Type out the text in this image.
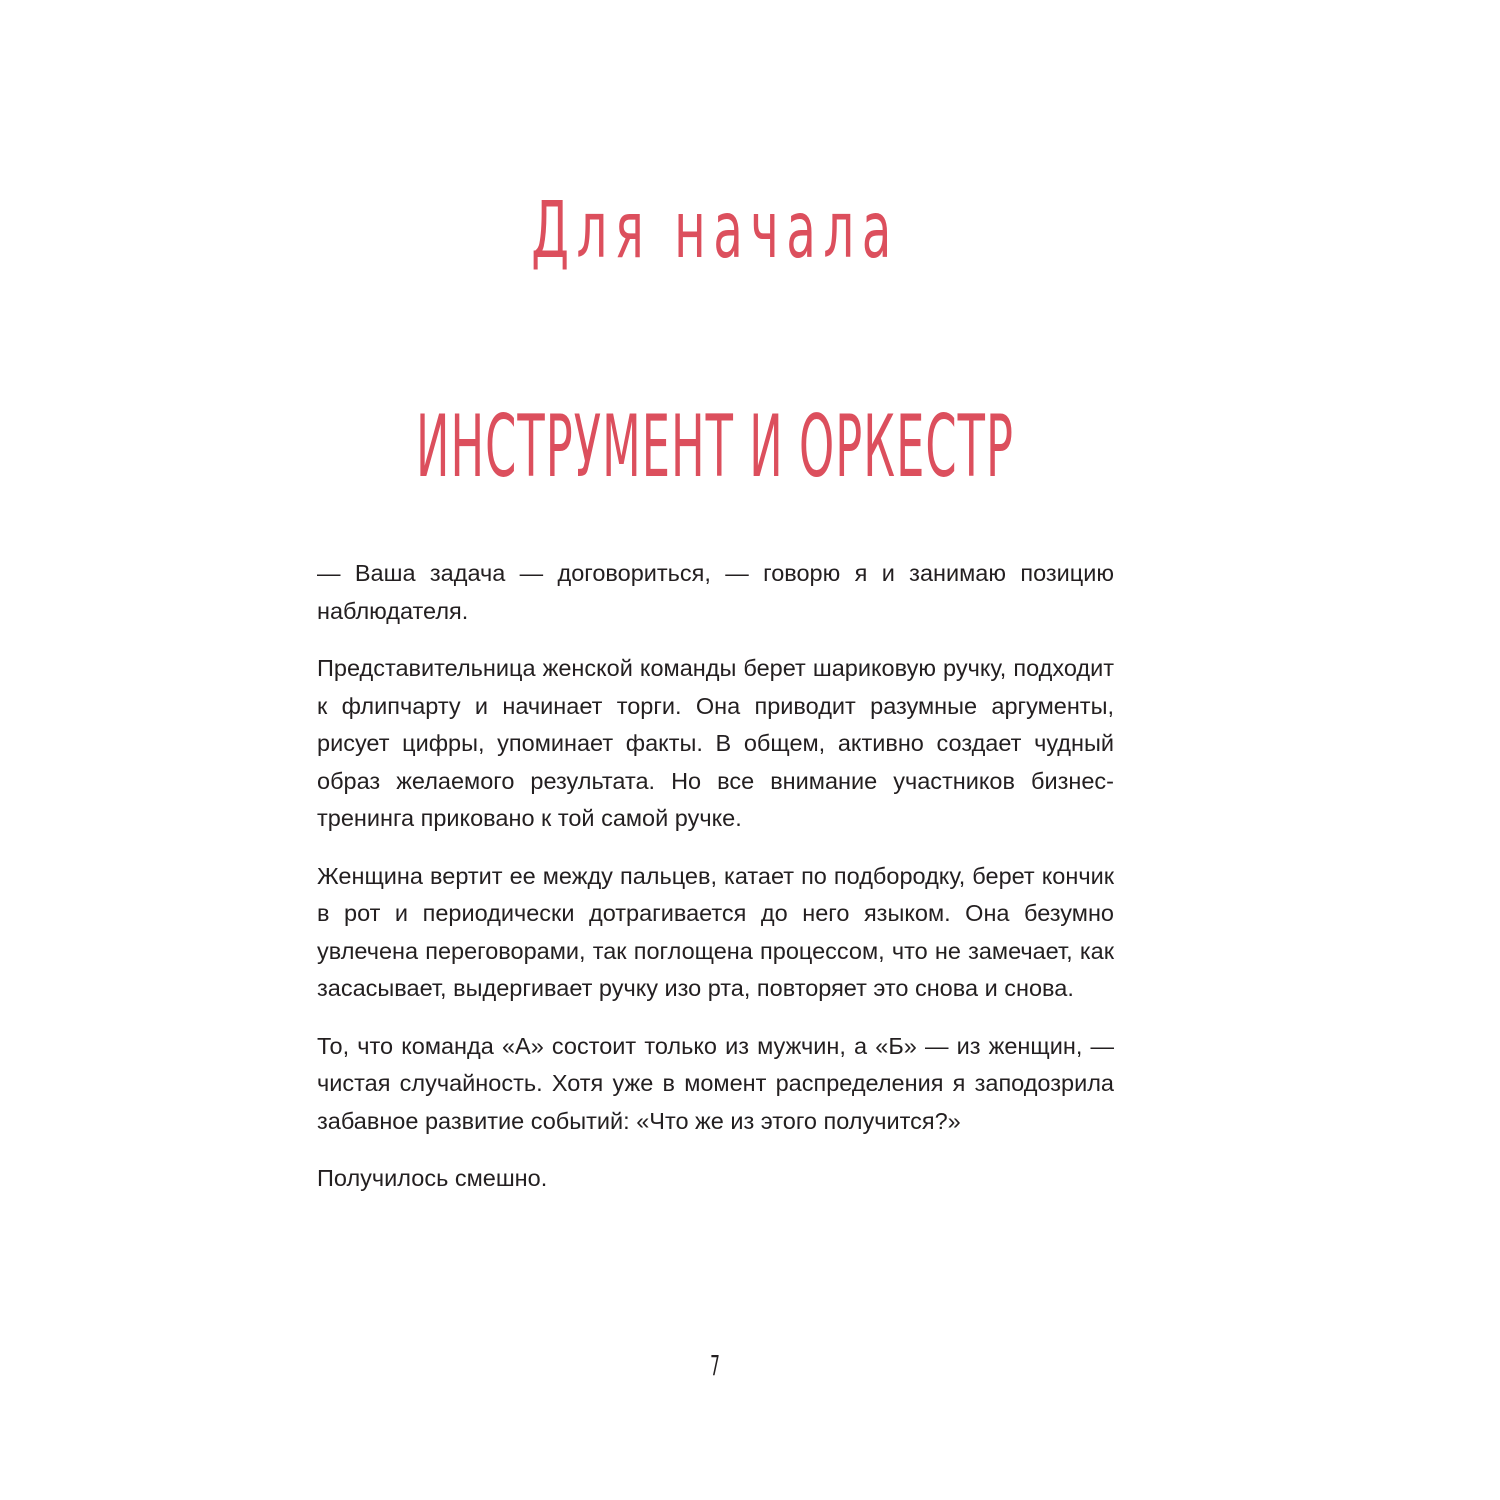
Для начала
ИНСТРУМЕНТ И ОРКЕСТР

— Ваша задача — договориться, — говорю я и занимаю позицию наблюдателя.

Представительница женской команды берет шариковую ручку, подходит к флипчарту и начинает торги. Она приводит разумные аргументы, рисует цифры, упоминает факты. В общем, активно создает чудный образ желаемого результата. Но все внимание участников бизнес-тренинга приковано к той самой ручке.

Женщина вертит ее между пальцев, катает по подбородку, берет кончик в рот и периодически дотрагивается до него языком. Она безумно увлечена переговорами, так поглощена процессом, что не замечает, как засасывает, выдергивает ручку изо рта, повторяет это снова и снова.

То, что команда «А» состоит только из мужчин, а «Б» — из женщин, — чистая случайность. Хотя уже в момент распределения я заподозрила забавное развитие событий: «Что же из этого получится?»

Получилось смешно.

7
